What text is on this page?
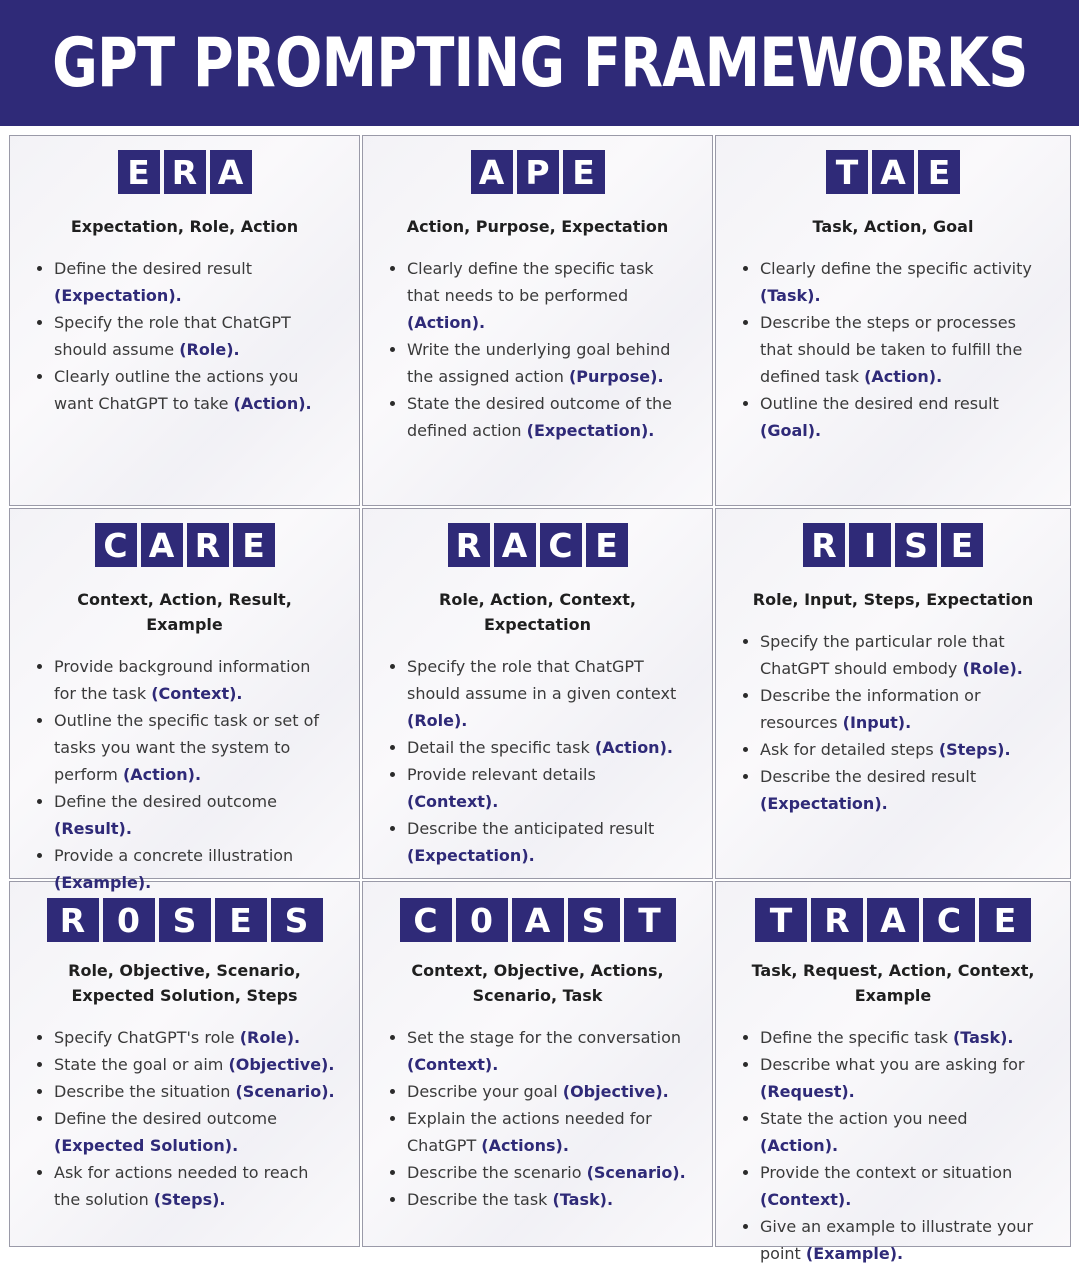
GPT PROMPTING FRAMEWORKS
E R A
Expectation, Role, Action
Define the desired result (Expectation).
Specify the role that ChatGPT should assume (Role).
Clearly outline the actions you want ChatGPT to take (Action).
A P E
Action, Purpose, Expectation
Clearly define the specific task that needs to be performed (Action).
Write the underlying goal behind the assigned action (Purpose).
State the desired outcome of the defined action (Expectation).
T A E
Task, Action, Goal
Clearly define the specific activity (Task).
Describe the steps or processes that should be taken to fulfill the defined task (Action).
Outline the desired end result (Goal).
C A R E
Context, Action, Result, Example
Provide background information for the task (Context).
Outline the specific task or set of tasks you want the system to perform (Action).
Define the desired outcome (Result).
Provide a concrete illustration (Example).
R A C E
Role, Action, Context, Expectation
Specify the role that ChatGPT should assume in a given context (Role).
Detail the specific task (Action).
Provide relevant details (Context).
Describe the anticipated result (Expectation).
R I S E
Role, Input, Steps, Expectation
Specify the particular role that ChatGPT should embody (Role).
Describe the information or resources (Input).
Ask for detailed steps (Steps).
Describe the desired result (Expectation).
R 0 S E S
Role, Objective, Scenario, Expected Solution, Steps
Specify ChatGPT's role (Role).
State the goal or aim (Objective).
Describe the situation (Scenario).
Define the desired outcome (Expected Solution).
Ask for actions needed to reach the solution (Steps).
C 0 A S T
Context, Objective, Actions, Scenario, Task
Set the stage for the conversation (Context).
Describe your goal (Objective).
Explain the actions needed for ChatGPT (Actions).
Describe the scenario (Scenario).
Describe the task (Task).
T R A C E
Task, Request, Action, Context, Example
Define the specific task (Task).
Describe what you are asking for (Request).
State the action you need (Action).
Provide the context or situation (Context).
Give an example to illustrate your point (Example).
